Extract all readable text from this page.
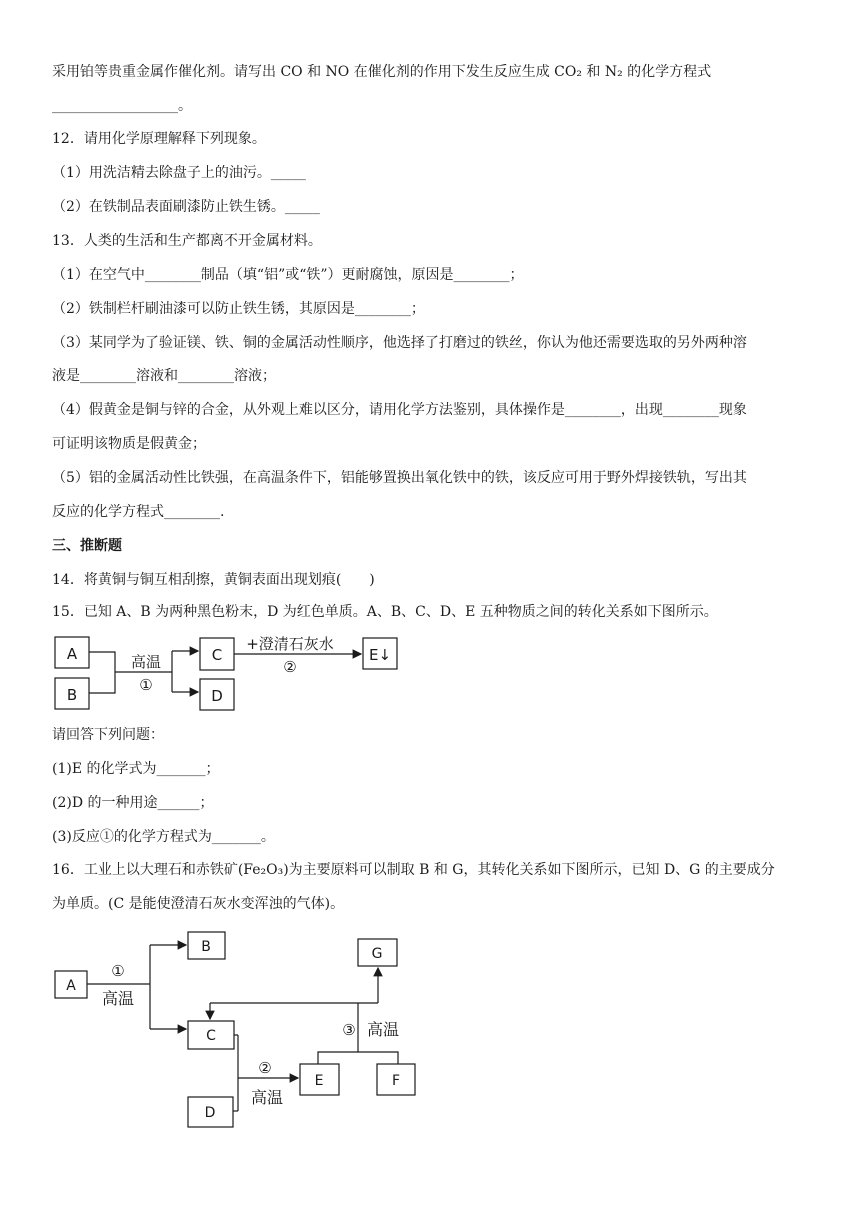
采用铂等贵重金属作催化剂。请写出 CO 和 NO 在催化剂的作用下发生反应生成 CO₂ 和 N₂ 的化学方程式
__________________。
12．请用化学原理解释下列现象。
（1）用洗洁精去除盘子上的油污。_____
（2）在铁制品表面刷漆防止铁生锈。_____
13．人类的生活和生产都离不开金属材料。
（1）在空气中________制品（填“铝”或“铁”）更耐腐蚀，原因是________；
（2）铁制栏杆刷油漆可以防止铁生锈，其原因是________；
（3）某同学为了验证镁、铁、铜的金属活动性顺序，他选择了打磨过的铁丝，你认为他还需要选取的另外两种溶
液是________溶液和________溶液；
（4）假黄金是铜与锌的合金，从外观上难以区分，请用化学方法鉴别，具体操作是________，出现________现象
可证明该物质是假黄金；
（5）铝的金属活动性比铁强，在高温条件下，铝能够置换出氧化铁中的铁，该反应可用于野外焊接铁轨，写出其
反应的化学方程式________.
三、推断题
14．将黄铜与铜互相刮擦，黄铜表面出现划痕(　　)
15．已知 A、B 为两种黑色粉末，D 为红色单质。A、B、C、D、E 五种物质之间的转化关系如下图所示。
A
B
C
D
E↓
高温
①
+澄清石灰水
②
A
B
C
D
E	F
G
①
高温
②
高温
③ 高温
请回答下列问题：
(1)E 的化学式为_______；
(2)D 的一种用途______；
(3)反应①的化学方程式为_______。
16．工业上以大理石和赤铁矿(Fe₂O₃)为主要原料可以制取 B 和 G，其转化关系如下图所示，已知 D、G 的主要成分
为单质。(C 是能使澄清石灰水变浑浊的气体)。
